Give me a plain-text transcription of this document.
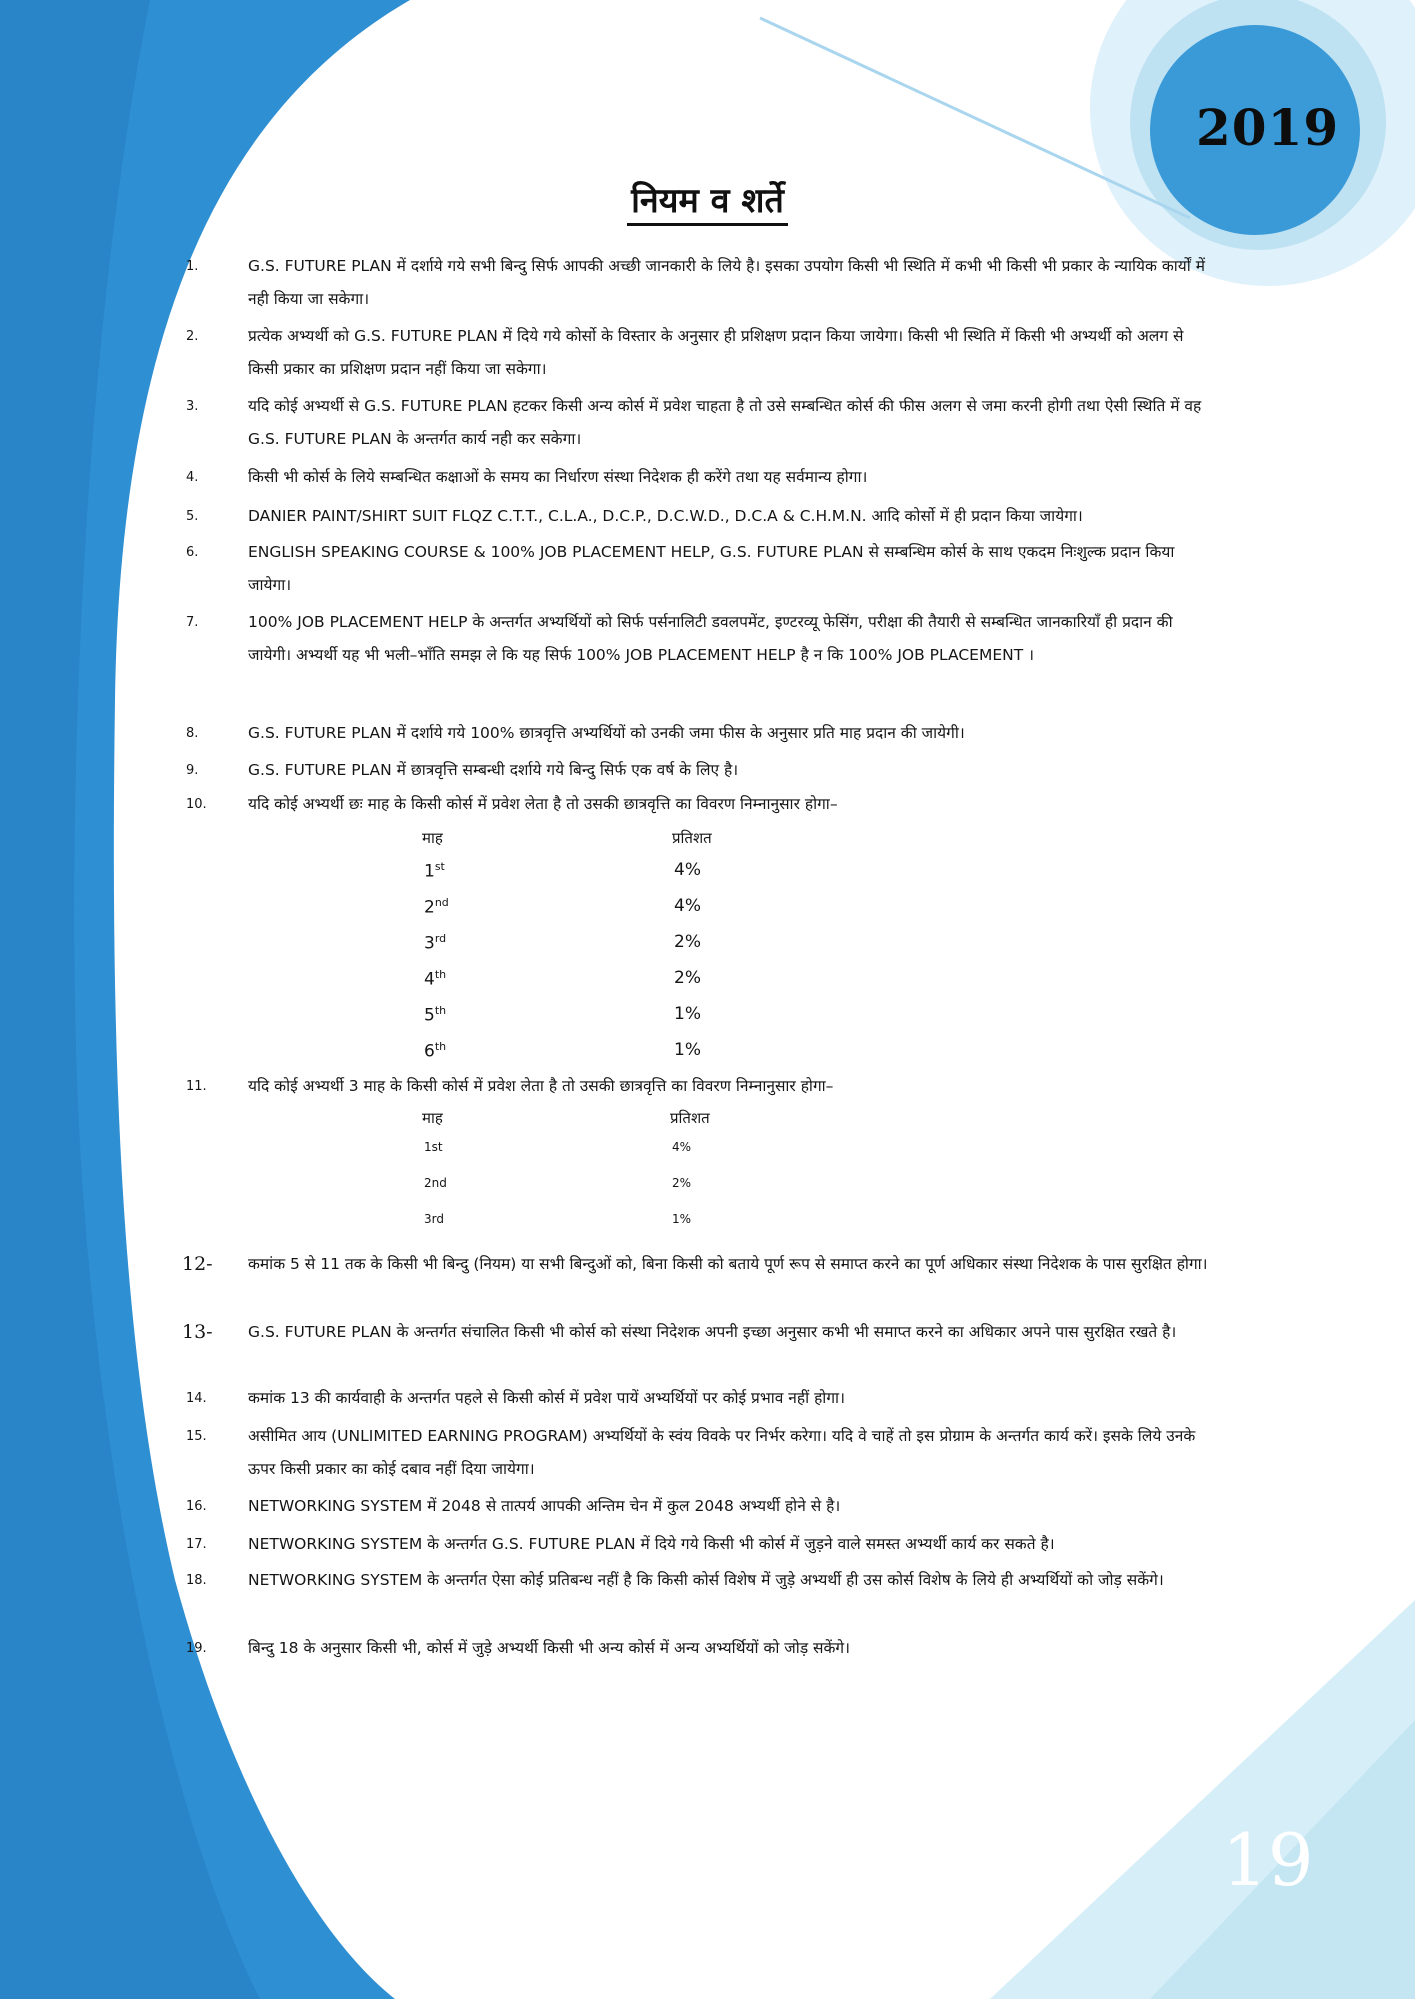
2019
नियम व शर्ते
1.	G.S. FUTURE PLAN में दर्शाये गये सभी बिन्दु सिर्फ आपकी अच्छी जानकारी के लिये है। इसका उपयोग किसी भी स्थिति में कभी भी किसी भी प्रकार के न्यायिक कार्यों में नही किया जा सकेगा।
2.	प्रत्येक अभ्यर्थी को G.S. FUTURE PLAN में दिये गये कोर्सो के विस्तार के अनुसार ही प्रशिक्षण प्रदान किया जायेगा। किसी भी स्थिति में किसी भी अभ्यर्थी को अलग से किसी प्रकार का प्रशिक्षण प्रदान नहीं किया जा सकेगा।
3.	यदि कोई अभ्यर्थी से G.S. FUTURE PLAN हटकर किसी अन्य कोर्स में प्रवेश चाहता है तो उसे सम्बन्धित कोर्स की फीस अलग से जमा करनी होगी तथा ऐसी स्थिति में वह G.S. FUTURE PLAN के अन्तर्गत कार्य नही कर सकेगा।
4.	किसी भी कोर्स के लिये सम्बन्धित कक्षाओं के समय का निर्धारण संस्था निदेशक ही करेंगे तथा यह सर्वमान्य होगा।
5.	DANIER PAINT/SHIRT SUIT FLQZ C.T.T., C.L.A., D.C.P., D.C.W.D., D.C.A & C.H.M.N. आदि कोर्सो में ही प्रदान किया जायेगा।
6.	ENGLISH SPEAKING COURSE & 100% JOB PLACEMENT HELP, G.S. FUTURE PLAN से सम्बन्धिम कोर्स के साथ एकदम निःशुल्क प्रदान किया जायेगा।
7.	100% JOB PLACEMENT HELP के अन्तर्गत अभ्यर्थियों को सिर्फ पर्सनालिटी डवलपमेंट, इण्टरव्यू फेसिंग, परीक्षा की तैयारी से सम्बन्धित जानकारियाँ ही प्रदान की जायेगी। अभ्यर्थी यह भी भली–भाँति समझ ले कि यह सिर्फ 100% JOB PLACEMENT HELP है न कि 100% JOB PLACEMENT ।
8.	G.S. FUTURE PLAN में दर्शाये गये 100% छात्रवृत्ति अभ्यर्थियों को उनकी जमा फीस के अनुसार प्रति माह प्रदान की जायेगी।
9.	G.S. FUTURE PLAN में छात्रवृत्ति सम्बन्धी दर्शाये गये बिन्दु सिर्फ एक वर्ष के लिए है।
10.	यदि कोई अभ्यर्थी छः माह के किसी कोर्स में प्रवेश लेता है तो उसकी छात्रवृत्ति का विवरण निम्नानुसार होगा–
माह	प्रतिशत
1st	4%
2nd	4%
3rd	2%
4th	2%
5th	1%
6th	1%
11.	यदि कोई अभ्यर्थी 3 माह के किसी कोर्स में प्रवेश लेता है तो उसकी छात्रवृत्ति का विवरण निम्नानुसार होगा–
माह	प्रतिशत
1st	4%
2nd	2%
3rd	1%
12- कमांक 5 से 11 तक के किसी भी बिन्दु (नियम) या सभी बिन्दुओं को, बिना किसी को बताये पूर्ण रूप से समाप्त करने का पूर्ण अधिकार संस्था निदेशक के पास सुरक्षित होगा।
13- G.S. FUTURE PLAN के अन्तर्गत संचालित किसी भी कोर्स को संस्था निदेशक अपनी इच्छा अनुसार कभी भी समाप्त करने का अधिकार अपने पास सुरक्षित रखते है।
14.	कमांक 13 की कार्यवाही के अन्तर्गत पहले से किसी कोर्स में प्रवेश पायें अभ्यर्थियों पर कोई प्रभाव नहीं होगा।
15.	असीमित आय (UNLIMITED EARNING PROGRAM) अभ्यर्थियों के स्वंय विवके पर निर्भर करेगा। यदि वे चाहें तो इस प्रोग्राम के अन्तर्गत कार्य करें। इसके लिये उनके ऊपर किसी प्रकार का कोई दबाव नहीं दिया जायेगा।
16.	NETWORKING SYSTEM में 2048 से तात्पर्य आपकी अन्तिम चेन में कुल 2048 अभ्यर्थी होने से है।
17.	NETWORKING SYSTEM के अन्तर्गत G.S. FUTURE PLAN में दिये गये किसी भी कोर्स में जुड़ने वाले समस्त अभ्यर्थी कार्य कर सकते है।
18.	NETWORKING SYSTEM के अन्तर्गत ऐसा कोई प्रतिबन्ध नहीं है कि किसी कोर्स विशेष में जुड़े अभ्यर्थी ही उस कोर्स विशेष के लिये ही अभ्यर्थियों को जोड़ सकेंगे।
19.	बिन्दु 18 के अनुसार किसी भी, कोर्स में जुड़े अभ्यर्थी किसी भी अन्य कोर्स में अन्य अभ्यर्थियों को जोड़ सकेंगे।
19
